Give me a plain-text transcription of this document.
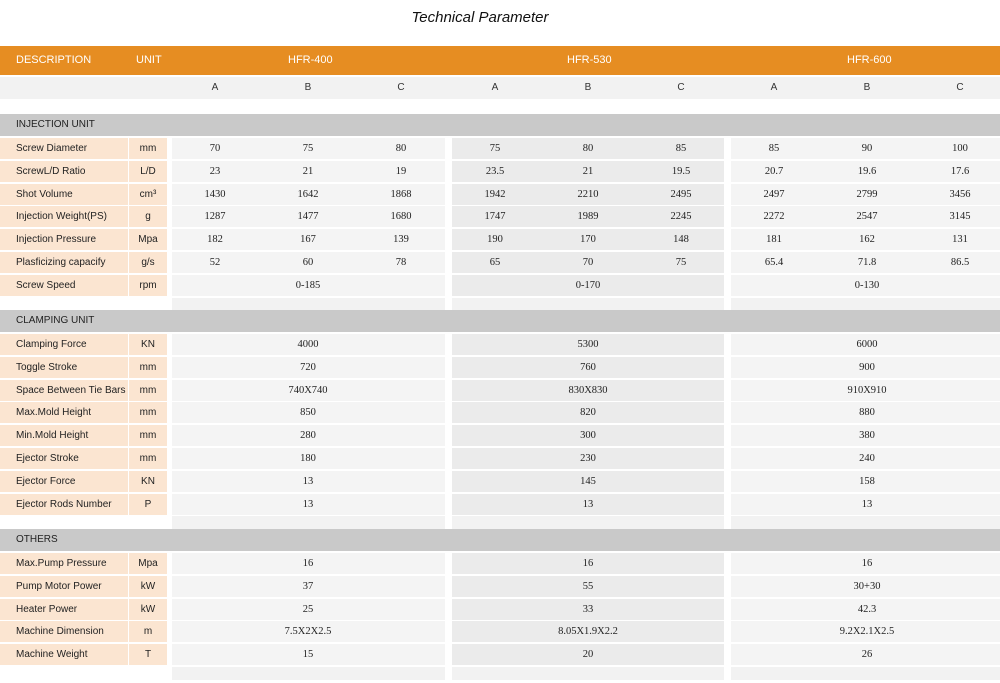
Technical Parameter
DESCRIPTION	UNIT	HFR-400	HFR-530	HFR-600
A	B	C	A	B	C	A	B	C
INJECTION UNIT
Screw Diameter	mm	70	75	80	75	80	85	85	90	100
ScrewL/D Ratio	L/D	23	21	19	23.5	21	19.5	20.7	19.6	17.6
Shot Volume	cm³	1430	1642	1868	1942	2210	2495	2497	2799	3456
Injection Weight(PS)	g	1287	1477	1680	1747	1989	2245	2272	2547	3145
Injection Pressure	Mpa	182	167	139	190	170	148	181	162	131
Plasficizing capacify	g/s	52	60	78	65	70	75	65.4	71.8	86.5
Screw Speed	rpm	0-185	0-170	0-130
CLAMPING UNIT
Clamping Force	KN	4000	5300	6000
Toggle Stroke	mm	720	760	900
Space Between Tie Bars	mm	740X740	830X830	910X910
Max.Mold Height	mm	850	820	880
Min.Mold Height	mm	280	300	380
Ejector Stroke	mm	180	230	240
Ejector Force	KN	13	145	158
Ejector Rods Number	P	13	13	13
OTHERS
Max.Pump Pressure	Mpa	16	16	16
Pump Motor Power	kW	37	55	30+30
Heater Power	kW	25	33	42.3
Machine Dimension	m	7.5X2X2.5	8.05X1.9X2.2	9.2X2.1X2.5
Machine Weight	T	15	20	26
